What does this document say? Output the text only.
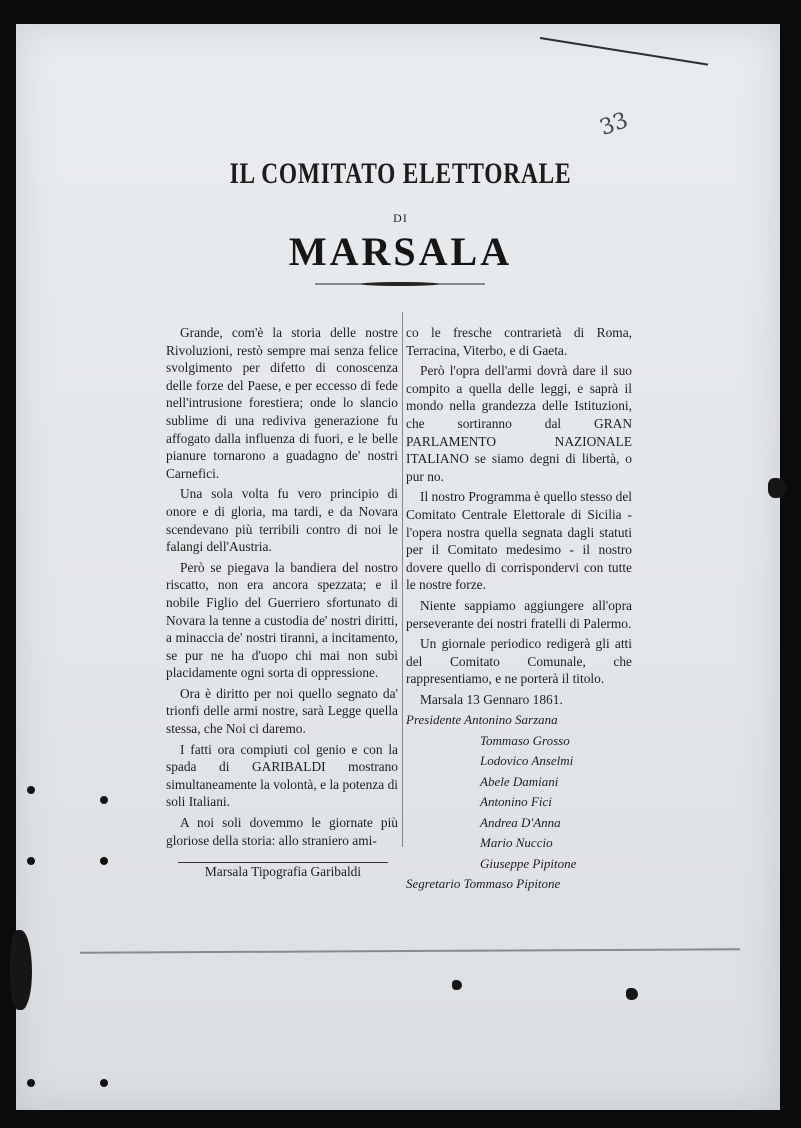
33
IL COMITATO ELETTORALE
DI
MARSALA

Grande, com'è la storia delle nostre Rivoluzioni, restò sempre mai senza felice svolgimento per difetto di conoscenza delle forze del Paese, e per eccesso di fede nell'intrusione forestiera; onde lo slancio sublime di una rediviva generazione fu affogato dalla influenza di fuori, e le belle pianure tornarono a guadagno de' nostri Carnefici.

Una sola volta fu vero principio di onore e di gloria, ma tardi, e da Novara scendevano più terribili contro di noi le falangi dell'Austria.

Però se piegava la bandiera del nostro riscatto, non era ancora spezzata; e il nobile Figlio del Guerriero sfortunato di Novara la tenne a custodia de' nostri diritti, a minaccia de' nostri tiranni, a incitamento, se pur ne ha d'uopo chi mai non subì placidamente ogni sorta di oppressione.

Ora è diritto per noi quello segnato da' trionfi delle armi nostre, sarà Legge quella stessa, che Noi ci daremo.

I fatti ora compiuti col genio e con la spada di GARIBALDI mostrano simultaneamente la volontà, e la potenza di soli Italiani.

A noi soli dovemmo le giornate più gloriose della storia: allo straniero ami-

co le fresche contrarietà di Roma, Terracina, Viterbo, e di Gaeta.

Però l'opra dell'armi dovrà dare il suo compito a quella delle leggi, e saprà il mondo nella grandezza delle Istituzioni, che sortiranno dal GRAN PARLAMENTO NAZIONALE ITALIANO se siamo degni di libertà, o pur no.

Il nostro Programma è quello stesso del Comitato Centrale Elettorale di Sicilia - l'opera nostra quella segnata dagli statuti per il Comitato medesimo - il nostro dovere quello di corrispondervi con tutte le nostre forze.

Niente sappiamo aggiungere all'opra perseverante dei nostri fratelli di Palermo.

Un giornale periodico redigerà gli atti del Comitato Comunale, che rappresentiamo, e ne porterà il titolo.

Marsala 13 Gennaro 1861.

Presidente Antonino Sarzana

Tommaso Grosso

Lodovico Anselmi

Abele Damiani

Antonino Fici

Andrea D'Anna

Mario Nuccio

Giuseppe Pipitone

Segretario Tommaso Pipitone

Marsala Tipografia Garibaldi
